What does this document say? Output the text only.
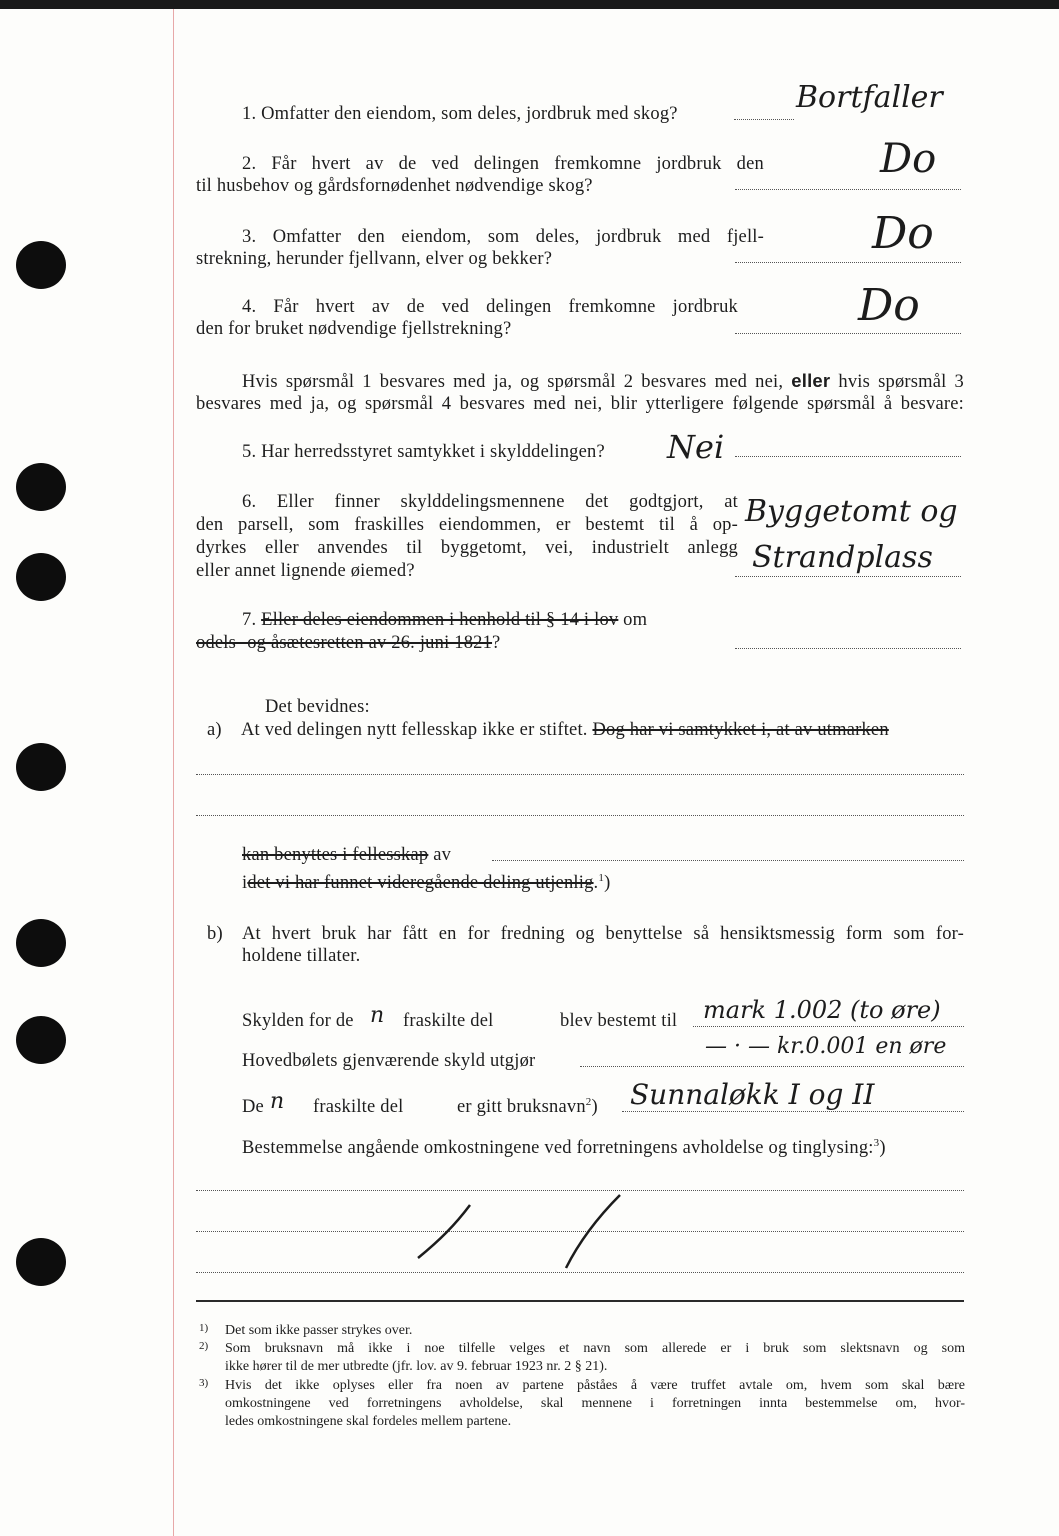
1. Omfatter den eiendom, som deles, jordbruk med skog?	Bortfaller
2. Får hvert av de ved delingen fremkomne jordbruk den
til husbehov og gårdsfornødenhet nødvendige skog?
Do
3. Omfatter den eiendom, som deles, jordbruk med fjell-
strekning, herunder fjellvann, elver og bekker?	Do
4. Får hvert av de ved delingen fremkomne jordbruk
den for bruket nødvendige fjellstrekning?	Do
Hvis spørsmål 1 besvares med ja, og spørsmål 2 besvares med nei, eller hvis spørsmål 3
besvares med ja, og spørsmål 4 besvares med nei, blir ytterligere følgende spørsmål å besvare:
5. Har herredsstyret samtykket i skylddelingen? Nei
6. Eller finner skylddelingsmennene det godtgjort, at
den parsell, som fraskilles eiendommen, er bestemt til å op-
dyrkes eller anvendes til byggetomt, vei, industrielt anlegg
eller annet lignende øiemed?
Byggetomt og
Strandplass
7. Eller deles eiendommen i henhold til § 14 i lov om
odels- og åsætesretten av 26. juni 1821?
Det bevidnes:
a) At ved delingen nytt fellesskap ikke er stiftet. Dog har vi samtykket i, at av utmarken
kan benyttes i fellesskap av
idet vi har funnet videregående deling utjenlig.$^1$)
b) At hvert bruk har fått en for fredning og benyttelse så hensiktsmessig form som for-
holdene tillater.
Skylden for de n fraskilte del	blev bestemt til mark 1.002 (to øre)
Hovedbølets gjenværende skyld utgjør
— · — kr.0.001 en øre
De n fraskilte del	er gitt bruksnavn$^2$) Sunnaløkk I og II
Bestemmelse angående omkostningene ved forretningens avholdelse og tinglysing:$^3$)
1) Det som ikke passer strykes over.
2) Som bruksnavn må ikke i noe tilfelle velges et navn som allerede er i bruk som slektsnavn og som
ikke hører til de mer utbredte (jfr. lov. av 9. februar 1923 nr. 2 § 21).
3) Hvis det ikke oplyses eller fra noen av partene påståes å være truffet avtale om, hvem som skal bære
omkostningene ved forretningens avholdelse, skal mennene i forretningen innta bestemmelse om, hvor-
ledes omkostningene skal fordeles mellem partene.
